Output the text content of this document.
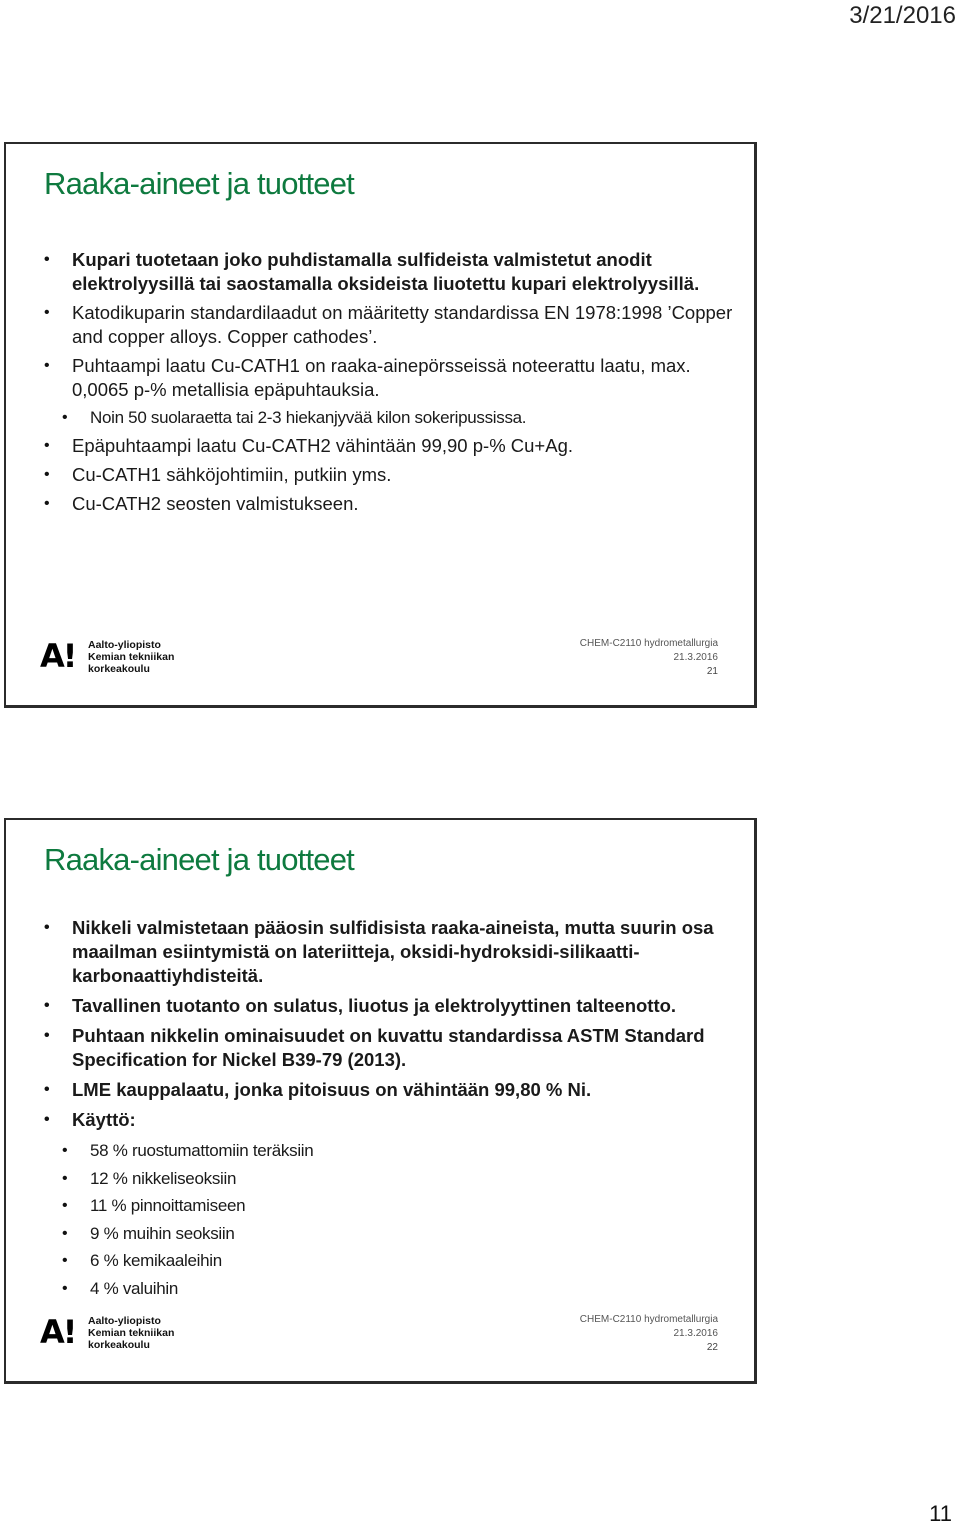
3/21/2016
Raaka-aineet ja tuotteet
• Kupari tuotetaan joko puhdistamalla sulfideista valmistetut anodit elektrolyysillä tai saostamalla oksideista liuotettu kupari elektrolyysillä.
• Katodikuparin standardilaadut on määritetty standardissa EN 1978:1998 ’Copper and copper alloys. Copper cathodes’.
• Puhtaampi laatu Cu-CATH1 on raaka-ainepörsseissä noteerattu laatu, max. 0,0065 p-% metallisia epäpuhtauksia.
• Noin 50 suolaraetta tai 2-3 hiekanjyvää kilon sokeripussissa.
• Epäpuhtaampi laatu Cu-CATH2 vähintään 99,90 p-% Cu+Ag.
• Cu-CATH1 sähköjohtimiin, putkiin yms.
• Cu-CATH2 seosten valmistukseen.
A! Aalto-yliopisto
Kemian tekniikan
korkeakoulu
CHEM-C2110 hydrometallurgia
21.3.2016
21
Raaka-aineet ja tuotteet
• Nikkeli valmistetaan pääosin sulfidisista raaka-aineista, mutta suurin osa maailman esiintymistä on lateriitteja, oksidi-hydroksidi-silikaatti-karbonaattiyhdisteitä.
• Tavallinen tuotanto on sulatus, liuotus ja elektrolyyttinen talteenotto.
• Puhtaan nikkelin ominaisuudet on kuvattu standardissa ASTM Standard Specification for Nickel B39-79 (2013).
• LME kauppalaatu, jonka pitoisuus on vähintään 99,80 % Ni.
• Käyttö:
• 58 % ruostumattomiin teräksiin
• 12 % nikkeliseoksiin
• 11 % pinnoittamiseen
• 9 % muihin seoksiin
• 6 % kemikaaleihin
• 4 % valuihin
A! Aalto-yliopisto
Kemian tekniikan
korkeakoulu
CHEM-C2110 hydrometallurgia
21.3.2016
22
11
